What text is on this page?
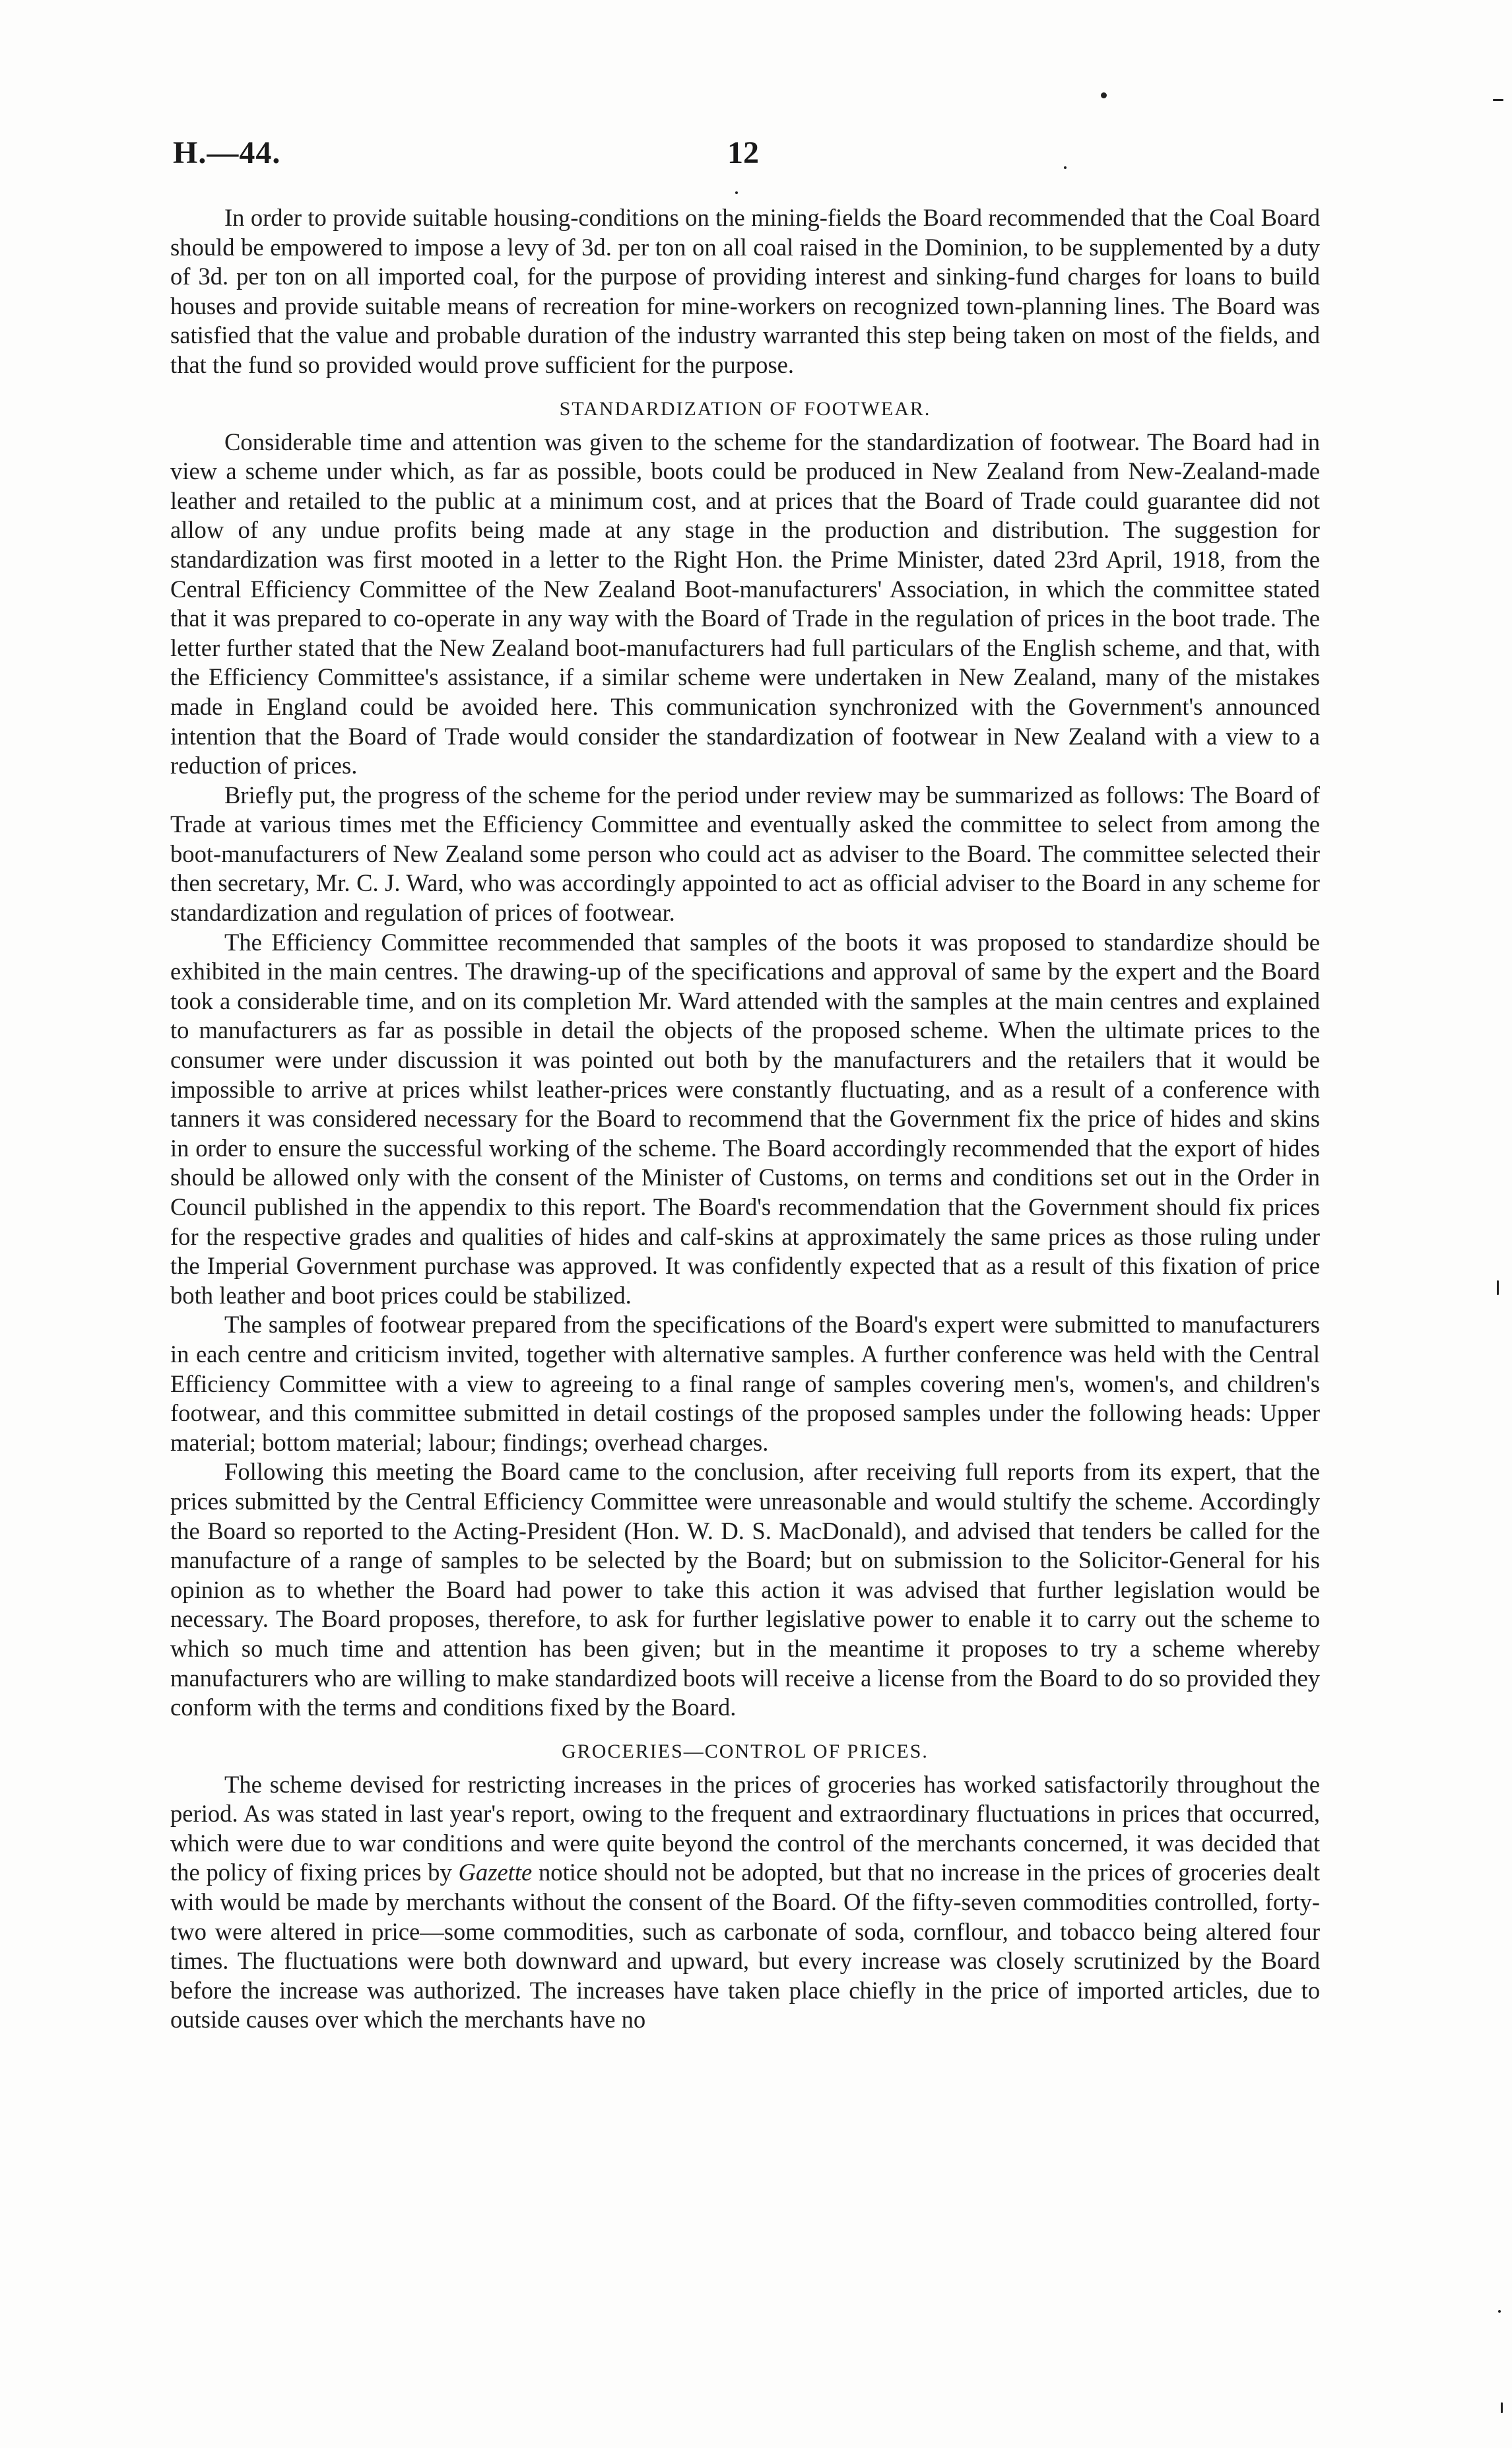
H.—44.	12

In order to provide suitable housing-conditions on the mining-fields the Board recommended that the Coal Board should be empowered to impose a levy of 3d. per ton on all coal raised in the Dominion, to be supplemented by a duty of 3d. per ton on all imported coal, for the purpose of providing interest and sinking-fund charges for loans to build houses and provide suitable means of recreation for mine-workers on recognized town-planning lines. The Board was satisfied that the value and probable duration of the industry warranted this step being taken on most of the fields, and that the fund so provided would prove sufficient for the purpose.

STANDARDIZATION OF FOOTWEAR.

Considerable time and attention was given to the scheme for the standardization of footwear. The Board had in view a scheme under which, as far as possible, boots could be produced in New Zealand from New-Zealand-made leather and retailed to the public at a minimum cost, and at prices that the Board of Trade could guarantee did not allow of any undue profits being made at any stage in the production and distribution. The suggestion for standardization was first mooted in a letter to the Right Hon. the Prime Minister, dated 23rd April, 1918, from the Central Efficiency Committee of the New Zealand Boot-manufacturers' Association, in which the committee stated that it was prepared to co-operate in any way with the Board of Trade in the regulation of prices in the boot trade. The letter further stated that the New Zealand boot-manufacturers had full particulars of the English scheme, and that, with the Efficiency Committee's assistance, if a similar scheme were undertaken in New Zealand, many of the mistakes made in England could be avoided here. This communication synchronized with the Government's announced intention that the Board of Trade would consider the standardization of footwear in New Zealand with a view to a reduction of prices.

Briefly put, the progress of the scheme for the period under review may be summarized as follows: The Board of Trade at various times met the Efficiency Committee and eventually asked the committee to select from among the boot-manufacturers of New Zealand some person who could act as adviser to the Board. The committee selected their then secretary, Mr. C. J. Ward, who was accordingly appointed to act as official adviser to the Board in any scheme for standardization and regulation of prices of footwear.

The Efficiency Committee recommended that samples of the boots it was proposed to standardize should be exhibited in the main centres. The drawing-up of the specifications and approval of same by the expert and the Board took a considerable time, and on its completion Mr. Ward attended with the samples at the main centres and explained to manufacturers as far as possible in detail the objects of the proposed scheme. When the ultimate prices to the consumer were under discussion it was pointed out both by the manufacturers and the retailers that it would be impossible to arrive at prices whilst leather-prices were constantly fluctuating, and as a result of a conference with tanners it was considered necessary for the Board to recommend that the Government fix the price of hides and skins in order to ensure the successful working of the scheme. The Board accordingly recommended that the export of hides should be allowed only with the consent of the Minister of Customs, on terms and conditions set out in the Order in Council published in the appendix to this report. The Board's recommendation that the Government should fix prices for the respective grades and qualities of hides and calf-skins at approximately the same prices as those ruling under the Imperial Government purchase was approved. It was confidently expected that as a result of this fixation of price both leather and boot prices could be stabilized.

The samples of footwear prepared from the specifications of the Board's expert were submitted to manufacturers in each centre and criticism invited, together with alternative samples. A further conference was held with the Central Efficiency Committee with a view to agreeing to a final range of samples covering men's, women's, and children's footwear, and this committee submitted in detail costings of the proposed samples under the following heads: Upper material; bottom material; labour; findings; overhead charges.

Following this meeting the Board came to the conclusion, after receiving full reports from its expert, that the prices submitted by the Central Efficiency Committee were unreasonable and would stultify the scheme. Accordingly the Board so reported to the Acting-President (Hon. W. D. S. MacDonald), and advised that tenders be called for the manufacture of a range of samples to be selected by the Board; but on submission to the Solicitor-General for his opinion as to whether the Board had power to take this action it was advised that further legislation would be necessary. The Board proposes, therefore, to ask for further legislative power to enable it to carry out the scheme to which so much time and attention has been given; but in the meantime it proposes to try a scheme whereby manufacturers who are willing to make standardized boots will receive a license from the Board to do so provided they conform with the terms and conditions fixed by the Board.

GROCERIES—CONTROL OF PRICES.

The scheme devised for restricting increases in the prices of groceries has worked satisfactorily throughout the period. As was stated in last year's report, owing to the frequent and extraordinary fluctuations in prices that occurred, which were due to war conditions and were quite beyond the control of the merchants concerned, it was decided that the policy of fixing prices by Gazette notice should not be adopted, but that no increase in the prices of groceries dealt with would be made by merchants without the consent of the Board. Of the fifty-seven commodities controlled, forty-two were altered in price—some commodities, such as carbonate of soda, cornflour, and tobacco being altered four times. The fluctuations were both downward and upward, but every increase was closely scrutinized by the Board before the increase was authorized. The increases have taken place chiefly in the price of imported articles, due to outside causes over which the merchants have no
